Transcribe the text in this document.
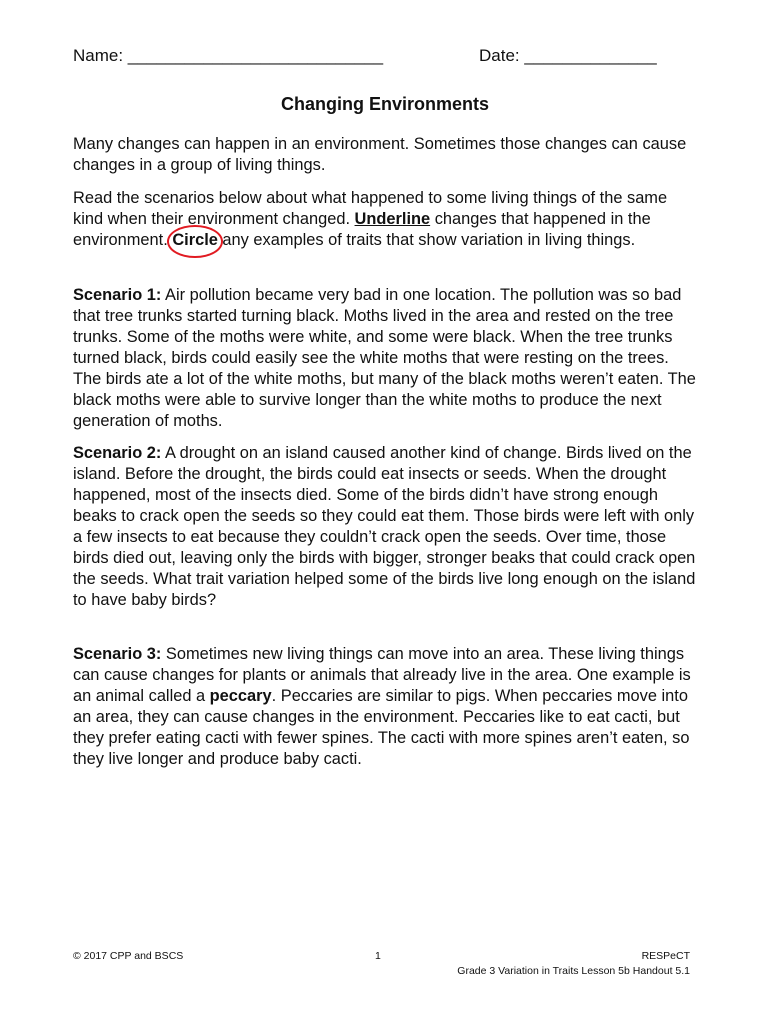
Name: ___________________________	Date: ______________
Changing Environments

Many changes can happen in an environment. Sometimes those changes can cause changes in a group of living things.

Read the scenarios below about what happened to some living things of the same kind when their environment changed. Underline changes that happened in the environment. Circle
any examples of traits that show variation in living things.

Scenario 1: Air pollution became very bad in one location. The pollution was so bad that tree trunks started turning black. Moths lived in the area and rested on the tree trunks. Some of the moths were white, and some were black. When the tree trunks turned black, birds could easily see the white moths that were resting on the trees. The birds ate a lot of the white moths, but many of the black moths weren’t eaten. The black moths were able to survive longer than the white moths to produce the next generation of moths.

Scenario 2: A drought on an island caused another kind of change. Birds lived on the island. Before the drought, the birds could eat insects or seeds. When the drought happened, most of the insects died. Some of the birds didn’t have strong enough beaks to crack open the seeds so they could eat them. Those birds were left with only a few insects to eat because they couldn’t crack open the seeds. Over time, those birds died out, leaving only the birds with bigger, stronger beaks that could crack open the seeds. What trait variation helped some of the birds live long enough on the island to have baby birds?

Scenario 3: Sometimes new living things can move into an area. These living things can cause changes for plants or animals that already live in the area. One example is an animal called a peccary. Peccaries are similar to pigs. When peccaries move into an area, they can cause changes in the environment. Peccaries like to eat cacti, but they prefer eating cacti with fewer spines. The cacti with more spines aren’t eaten, so they live longer and produce baby cacti.

© 2017 CPP and BSCS	1	RESPeCT
Grade 3 Variation in Traits Lesson 5b Handout 5.1
